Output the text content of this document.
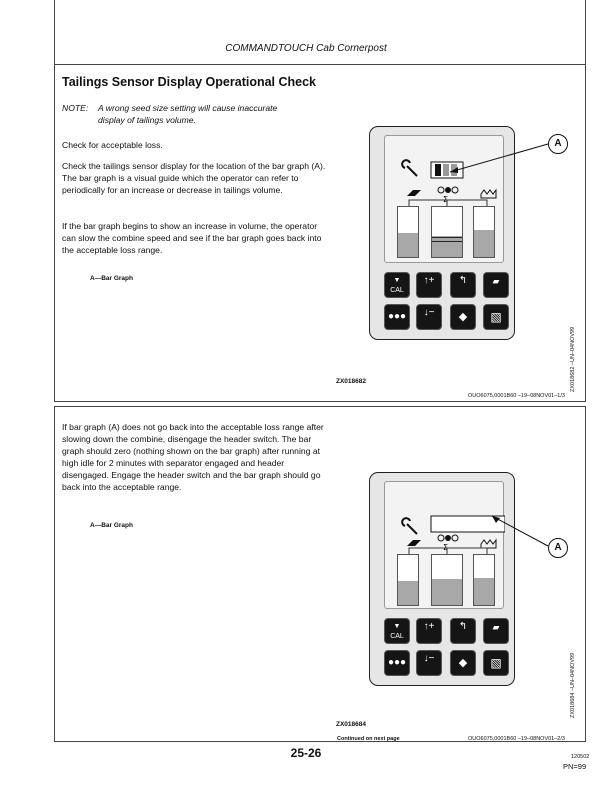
COMMANDTOUCH Cab Cornerpost
Tailings Sensor Display Operational Check
NOTE: A wrong seed size setting will cause inaccurate
display of tailings volume.
Check for acceptable loss.
Check the tailings sensor display for the location of the bar graph (A). The bar graph is a visual guide which the operator can refer to periodically for an increase or decrease in tailings volume.
If the bar graph begins to show an increase in volume, the operator can slow the combine speed and see if the bar graph goes back into the acceptable loss range.
A—Bar Graph
Σ
▼
CAL
↑+	↰	▰
●●●	↓−	◆	▧
A
ZX018682	ZX018682 –UN–04NOV99
OUO6075,0001B60 –19–08NOV01–1/3
If bar graph (A) does not go back into the acceptable loss range after slowing down the combine, disengage the header switch. The bar graph should zero (nothing shown on the bar graph) after running at high idle for 2 minutes with separator engaged and header disengaged. Engage the header switch and the bar graph should go back into the acceptable range.
A—Bar Graph
Σ
▼
CAL
↑+	↰	▰
●●●	↓−	◆	▧
A
ZX018684
ZX018684 –UN–04NOV99
Continued on next page	OUO6075,0001B60 –19–08NOV01–2/3
25-26	120502
PN=99
